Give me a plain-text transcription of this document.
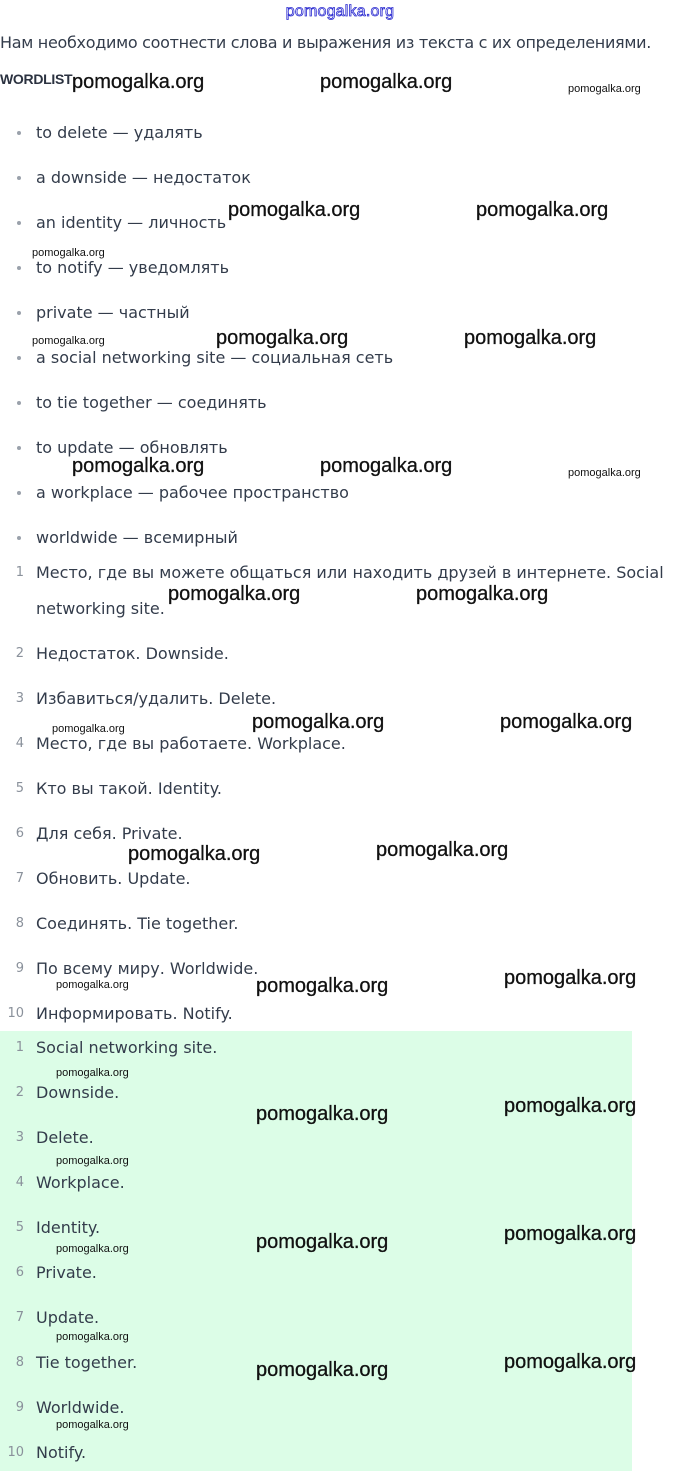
pomogalka.org
Нам необходимо соотнести слова и выражения из текста с их определениями.
WORDLIST
to delete — удалять
a downside — недостаток
an identity — личность
to notify — уведомлять
private — частный
a social networking site — социальная сеть
to tie together — соединять
to update — обновлять
a workplace — рабочее пространство
worldwide — всемирный
1 Место, где вы можете общаться или находить друзей в интернете. Social networking site.
2 Недостаток. Downside.
3 Избавиться/удалить. Delete.
4 Место, где вы работаете. Workplace.
5 Кто вы такой. Identity.
6 Для себя. Private.
7 Обновить. Update.
8 Соединять. Tie together.
9 По всему миру. Worldwide.
10 Информировать. Notify.
1 Social networking site.
2 Downside.
3 Delete.
4 Workplace.
5 Identity.
6 Private.
7 Update.
8 Tie together.
9 Worldwide.
10 Notify.
pomogalka.org	pomogalka.org	pomogalka.org
pomogalka.org	pomogalka.org
pomogalka.org
pomogalka.org	pomogalka.org
pomogalka.org
pomogalka.org	pomogalka.org	pomogalka.org
pomogalka.org	pomogalka.org
pomogalka.org	pomogalka.org	pomogalka.org
pomogalka.org	pomogalka.org
pomogalka.org	pomogalka.org	pomogalka.org
pomogalka.org
pomogalka.org	pomogalka.org
pomogalka.org
pomogalka.org	pomogalka.org	pomogalka.org
pomogalka.org
pomogalka.org	pomogalka.org
pomogalka.org
